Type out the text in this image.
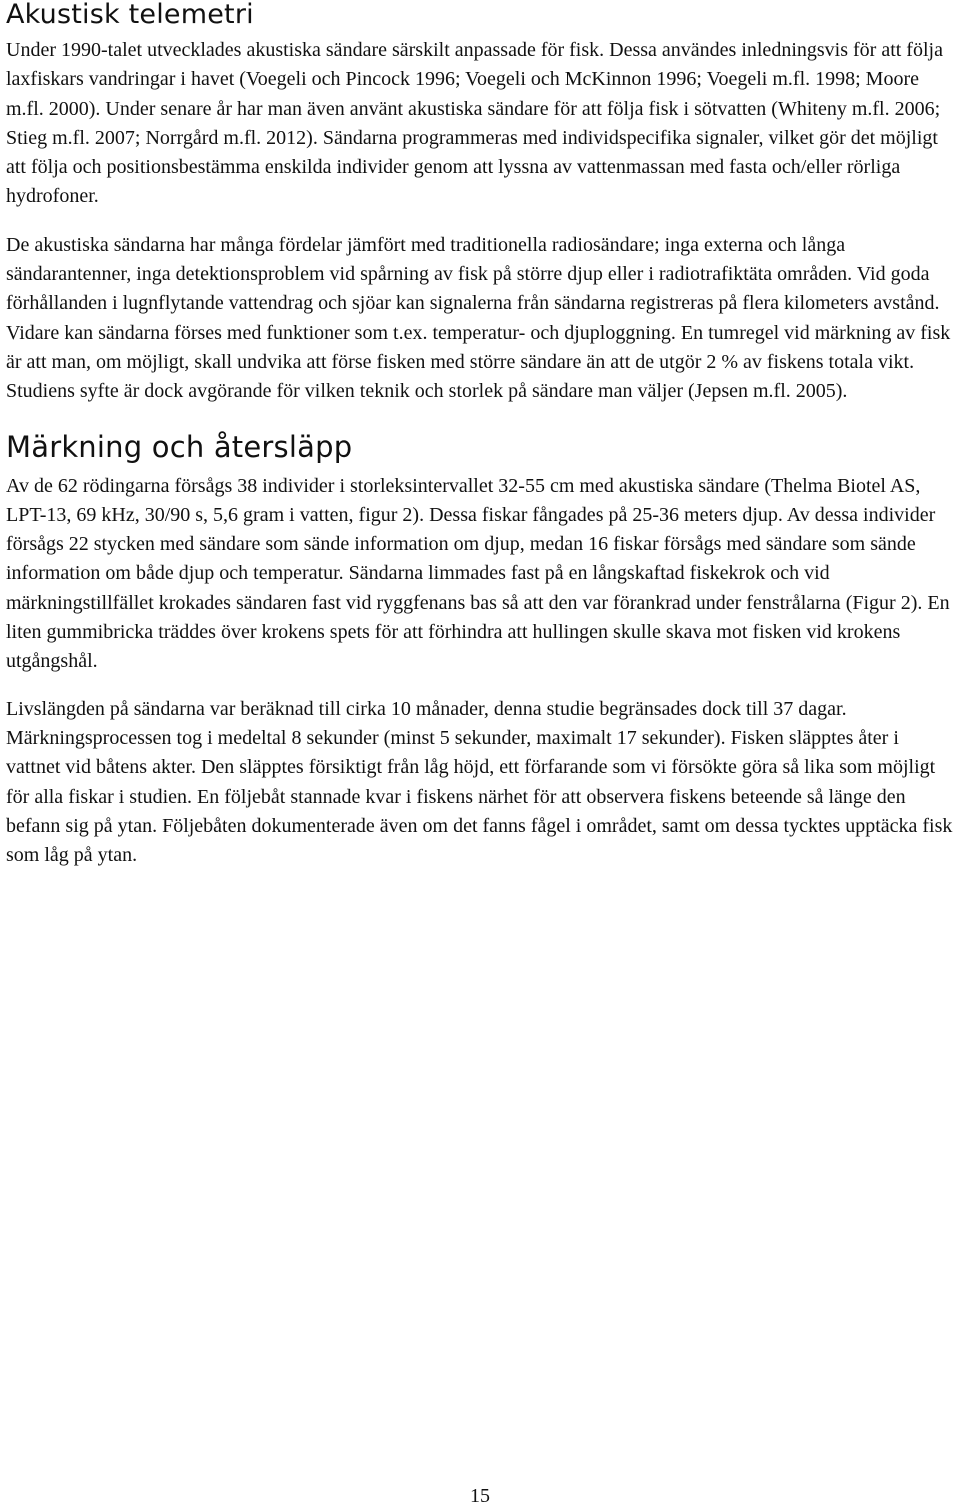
Akustisk telemetri

Under 1990-talet utvecklades akustiska sändare särskilt anpassade för fisk. Dessa användes inledningsvis för att följa laxfiskars vandringar i havet (Voegeli och Pincock 1996; Voegeli och McKinnon 1996; Voegeli m.fl. 1998; Moore m.fl. 2000). Under senare år har man även använt akustiska sändare för att följa fisk i sötvatten (Whiteny m.fl. 2006; Stieg m.fl. 2007; Norrgård m.fl. 2012). Sändarna programmeras med individspecifika signaler, vilket gör det möjligt att följa och positionsbestämma enskilda individer genom att lyssna av vattenmassan med fasta och/eller rörliga hydrofoner.

De akustiska sändarna har många fördelar jämfört med traditionella radiosändare; inga externa och långa sändarantenner, inga detektionsproblem vid spårning av fisk på större djup eller i radiotrafiktäta områden. Vid goda förhållanden i lugnflytande vattendrag och sjöar kan signalerna från sändarna registreras på flera kilometers avstånd. Vidare kan sändarna förses med funktioner som t.ex. temperatur- och djuploggning. En tumregel vid märkning av fisk är att man, om möjligt, skall undvika att förse fisken med större sändare än att de utgör 2 % av fiskens totala vikt. Studiens syfte är dock avgörande för vilken teknik och storlek på sändare man väljer (Jepsen m.fl. 2005).

Märkning och återsläpp

Av de 62 rödingarna försågs 38 individer i storleksintervallet 32-55 cm med akustiska sändare (Thelma Biotel AS, LPT-13, 69 kHz, 30/90 s, 5,6 gram i vatten, figur 2). Dessa fiskar fångades på 25-36 meters djup. Av dessa individer försågs 22 stycken med sändare som sände information om djup, medan 16 fiskar försågs med sändare som sände information om både djup och temperatur. Sändarna limmades fast på en långskaftad fiskekrok och vid märkningstillfället krokades sändaren fast vid ryggfenans bas så att den var förankrad under fenstrålarna (Figur 2). En liten gummibricka träddes över krokens spets för att förhindra att hullingen skulle skava mot fisken vid krokens utgångshål.

Livslängden på sändarna var beräknad till cirka 10 månader, denna studie begränsades dock till 37 dagar. Märkningsprocessen tog i medeltal 8 sekunder (minst 5 sekunder, maximalt 17 sekunder). Fisken släpptes åter i vattnet vid båtens akter. Den släpptes försiktigt från låg höjd, ett förfarande som vi försökte göra så lika som möjligt för alla fiskar i studien. En följebåt stannade kvar i fiskens närhet för att observera fiskens beteende så länge den befann sig på ytan. Följebåten dokumenterade även om det fanns fågel i området, samt om dessa tycktes upptäcka fisk som låg på ytan.

15
